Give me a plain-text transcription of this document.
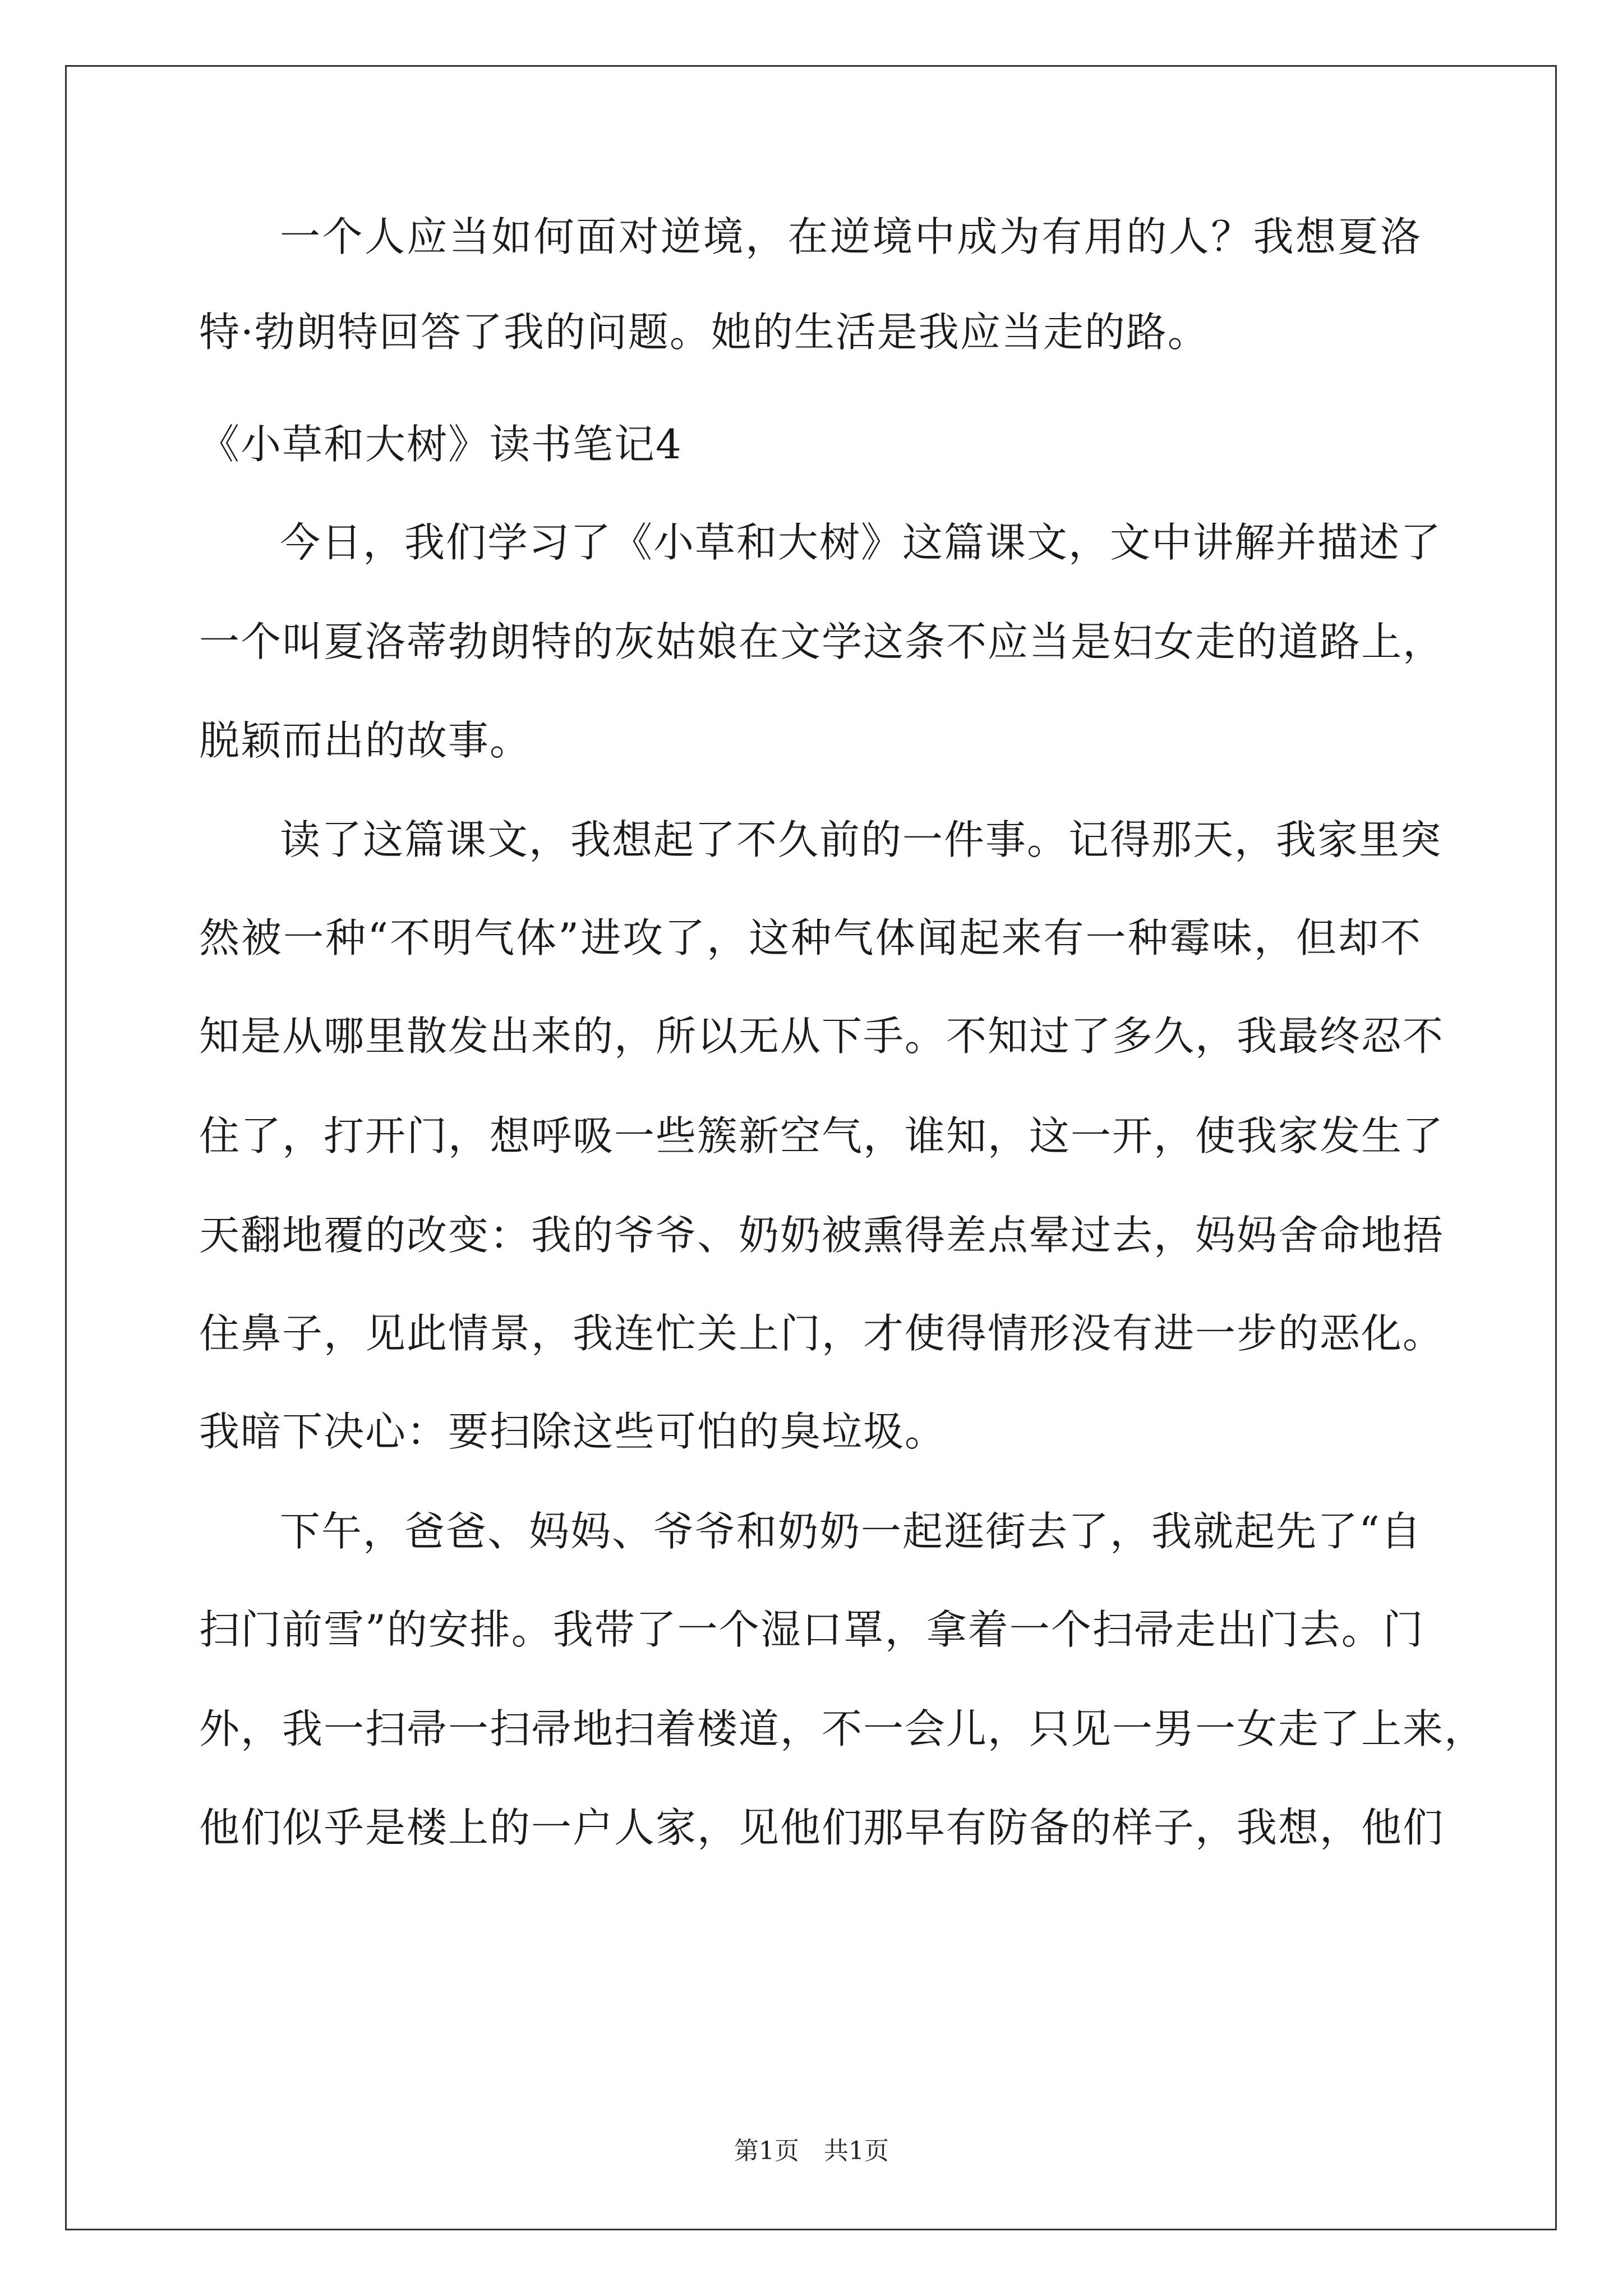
一个人应当如何面对逆境，在逆境中成为有用的人？我想夏洛
特·勃朗特回答了我的问题。她的生活是我应当走的路。
《小草和大树》读书笔记4
今日，我们学习了《小草和大树》这篇课文，文中讲解并描述了
一个叫夏洛蒂勃朗特的灰姑娘在文学这条不应当是妇女走的道路上，
脱颖而出的故事。
读了这篇课文，我想起了不久前的一件事。记得那天，我家里突
然被一种“不明气体”进攻了，这种气体闻起来有一种霉味，但却不
知是从哪里散发出来的，所以无从下手。不知过了多久，我最终忍不
住了，打开门，想呼吸一些簇新空气，谁知，这一开，使我家发生了
天翻地覆的改变：我的爷爷、奶奶被熏得差点晕过去，妈妈舍命地捂
住鼻子，见此情景，我连忙关上门，才使得情形没有进一步的恶化。
我暗下决心：要扫除这些可怕的臭垃圾。
下午，爸爸、妈妈、爷爷和奶奶一起逛街去了，我就起先了“自
扫门前雪”的安排。我带了一个湿口罩，拿着一个扫帚走出门去。门
外，我一扫帚一扫帚地扫着楼道，不一会儿，只见一男一女走了上来，
他们似乎是楼上的一户人家，见他们那早有防备的样子，我想，他们
第1页　共1页
